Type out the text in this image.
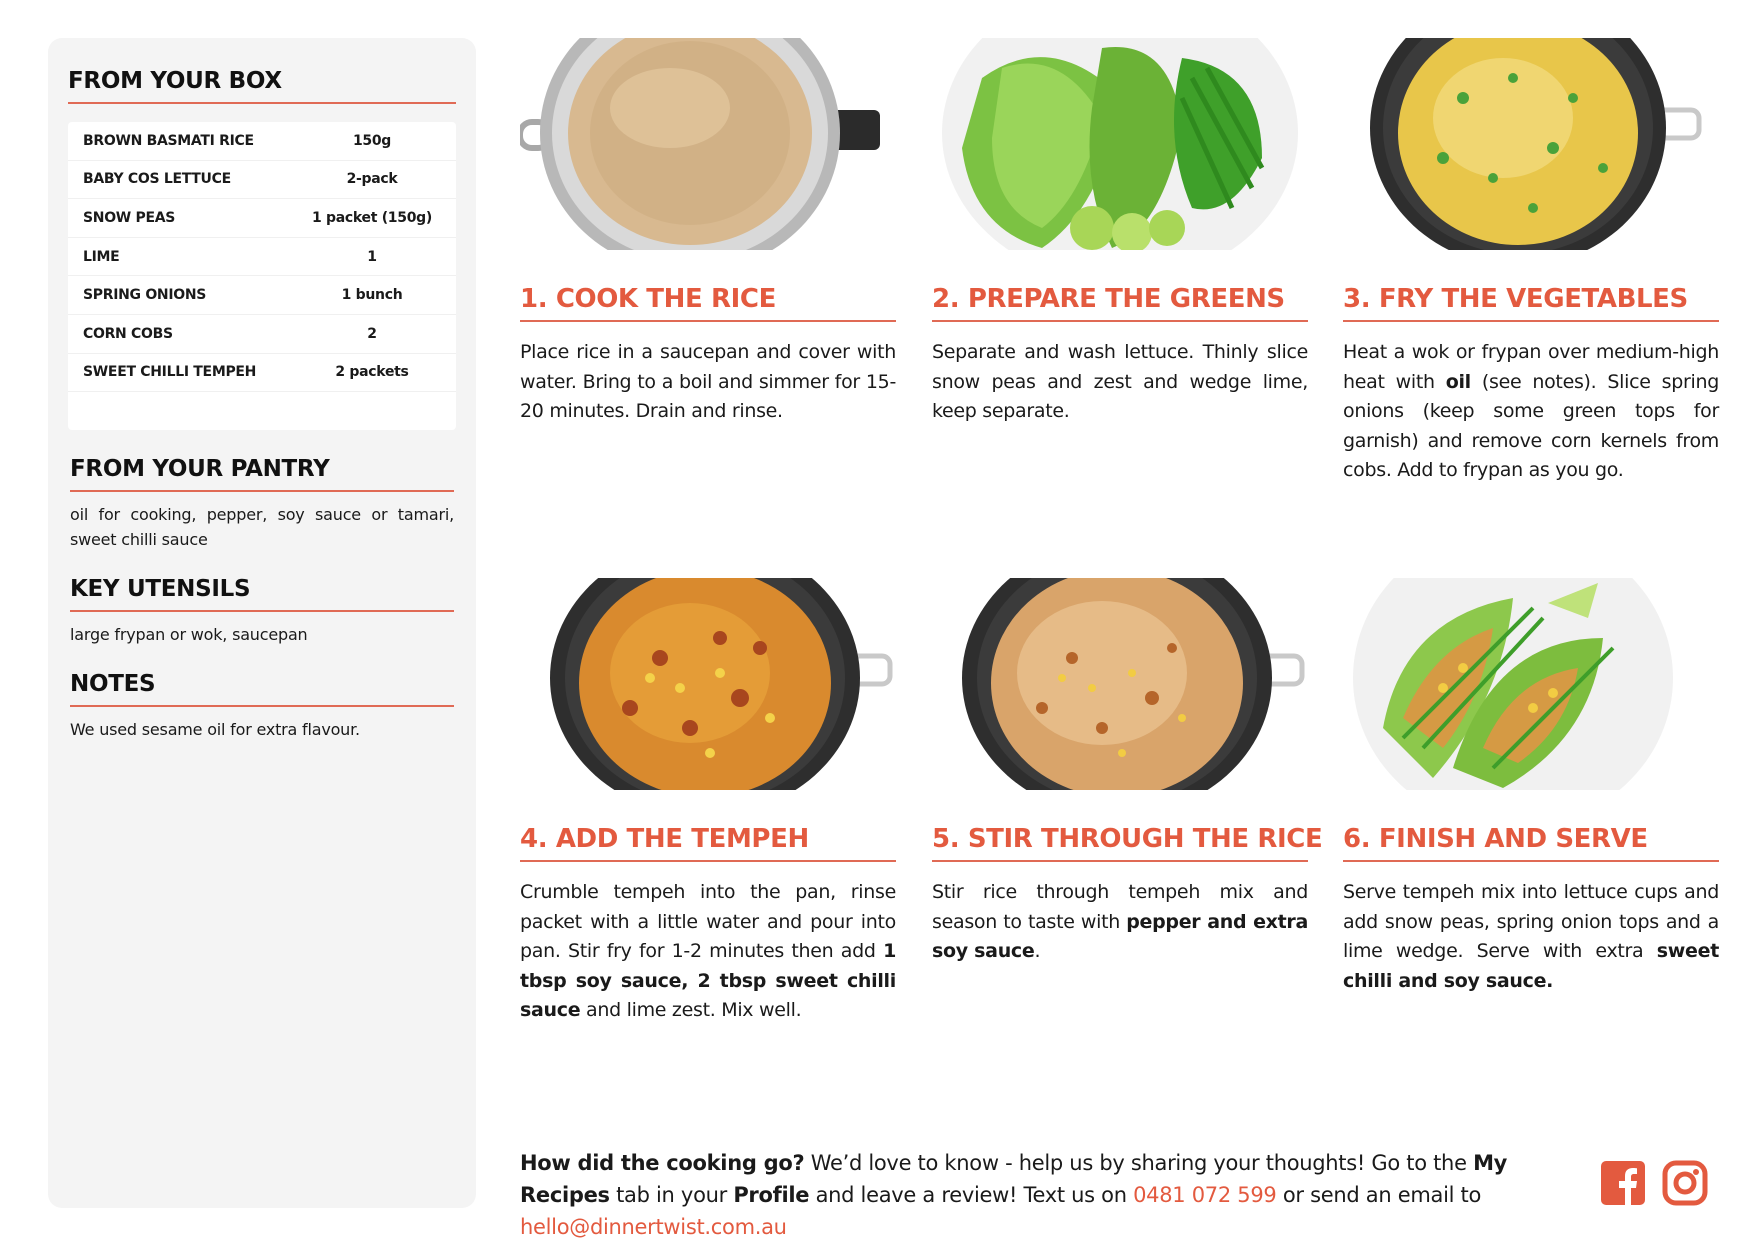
FROM YOUR BOX
BROWN BASMATI RICE	150g
BABY COS LETTUCE	2-pack
SNOW PEAS	1 packet (150g)
LIME	1
SPRING ONIONS	1 bunch
CORN COBS	2
SWEET CHILLI TEMPEH	2 packets
FROM YOUR PANTRY
oil for cooking, pepper, soy sauce or tamari, sweet chilli sauce
KEY UTENSILS
large frypan or wok, saucepan
NOTES
We used sesame oil for extra flavour.
1. COOK THE RICE
Place rice in a saucepan and cover with water. Bring to a boil and simmer for 15-20 minutes. Drain and rinse.
2. PREPARE THE GREENS
Separate and wash lettuce. Thinly slice snow peas and zest and wedge lime, keep separate.
3. FRY THE VEGETABLES
Heat a wok or frypan over medium-high heat with oil (see notes). Slice spring onions (keep some green tops for garnish) and remove corn kernels from cobs. Add to frypan as you go.
4. ADD THE TEMPEH
Crumble tempeh into the pan, rinse packet with a little water and pour into pan. Stir fry for 1-2 minutes then add 1 tbsp soy sauce, 2 tbsp sweet chilli sauce and lime zest. Mix well.
5. STIR THROUGH THE RICE
Stir rice through tempeh mix and season to taste with pepper and extra soy sauce.
6. FINISH AND SERVE
Serve tempeh mix into lettuce cups and add snow peas, spring onion tops and a lime wedge. Serve with extra sweet chilli and soy sauce.
How did the cooking go? We’d love to know - help us by sharing your thoughts! Go to the My Recipes tab in your Profile and leave a review! Text us on 0481 072 599 or send an email to hello@dinnertwist.com.au
